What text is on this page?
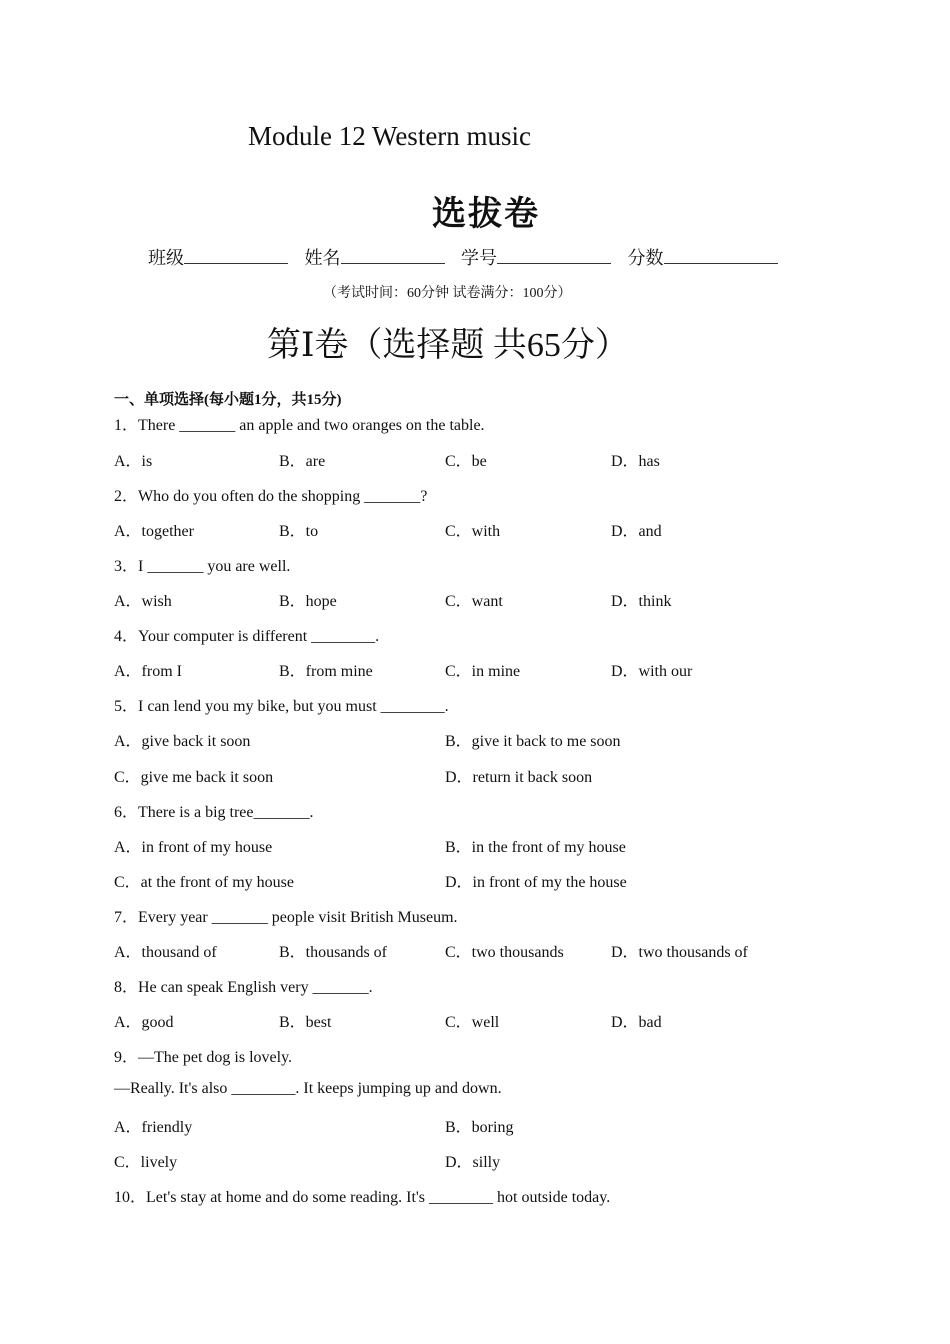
Module 12 Western music
选拔卷
班级	姓名	学号	分数
（考试时间：60分钟 试卷满分：100分）
第Ⅰ卷（选择题 共65分）
一、单项选择(每小题1分，共15分)
1．There _______ an apple and two oranges on the table.
A．is	B．are	C．be	D．has
2．Who do you often do the shopping _______?
A．together	B．to	C．with	D．and
3．I _______ you are well.
A．wish	B．hope	C．want	D．think
4．Your computer is different ________.
A．from I	B．from mine	C．in mine	D．with our
5．I can lend you my bike, but you must ________.
A．give back it soon	B．give it back to me soon
C．give me back it soon	D．return it back soon
6．There is a big tree_______.
A．in front of my house	B．in the front of my house
C．at the front of my house	D．in front of my the house
7．Every year _______ people visit British Museum.
A．thousand of	B．thousands of	C．two thousands	D．two thousands of
8．He can speak English very _______.
A．good	B．best	C．well	D．bad
9．—The pet dog is lovely.
—Really. It's also ________. It keeps jumping up and down.
A．friendly	B．boring
C．lively	D．silly
10．Let's stay at home and do some reading. It's ________ hot outside today.
